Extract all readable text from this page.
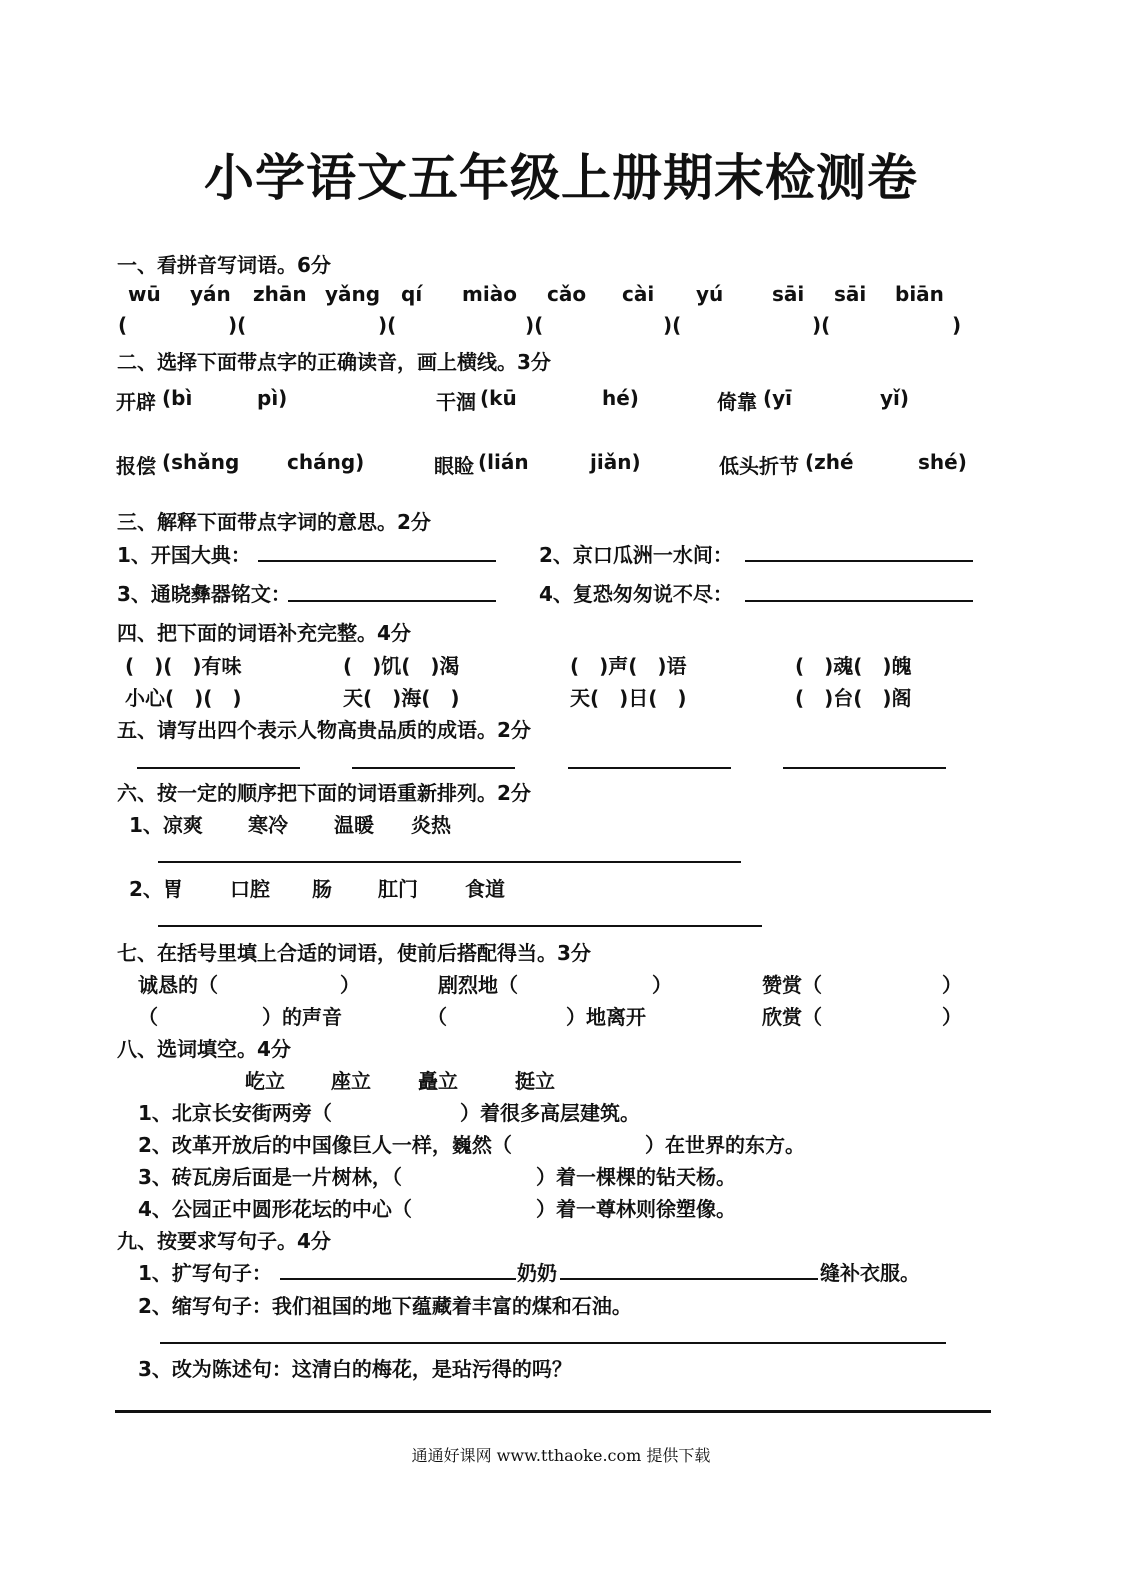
小学语文五年级上册期末检测卷
一、看拼音写词语。6分
wū yán zhān yǎng qí miào cǎo cài yú sāi sāi biān
(	)(	)(	)(	)(	)(	)
二、选择下面带点字的正确读音，画上横线。3分
开辟 (bì	pì)	干涸 (kū	hé)	倚靠 (yī	yǐ)
报偿 (shǎng cháng)	眼睑 (lián	jiǎn)	低头折节 (zhé	shé)
三、解释下面带点字词的意思。2分
1、开国大典：	2、京口瓜洲一水间：
3、通晓彝器铭文：	4、复恐匆匆说不尽：
四、把下面的词语补充完整。4分
(　)(　)有味	(　)饥(　)渴	(　)声(　)语	(　)魂(　)魄
小心(　)(　)	天(　)海(　)	天(　)日(　)	(　)台(　)阁
五、请写出四个表示人物高贵品质的成语。2分
六、按一定的顺序把下面的词语重新排列。2分
1、凉爽 寒冷 温暖 炎热
2、胃 口腔 肠 肛门 食道
七、在括号里填上合适的词语，使前后搭配得当。3分
诚恳的（	）	剧烈地（	）	赞赏（	）
（	）的声音	（	）地离开	欣赏（	）
八、选词填空。4分
屹立 座立 矗立	挺立
1、北京长安街两旁（	）着很多高层建筑。
2、改革开放后的中国像巨人一样，巍然（	）在世界的东方。
3、砖瓦房后面是一片树林，（	）着一棵棵的钻天杨。
4、公园正中圆形花坛的中心（	）着一尊林则徐塑像。
九、按要求写句子。4分
1、扩写句子：	奶奶	缝补衣服。
2、缩写句子：我们祖国的地下蕴藏着丰富的煤和石油。
3、改为陈述句：这清白的梅花，是玷污得的吗？
通通好课网 www.tthaoke.com 提供下载
